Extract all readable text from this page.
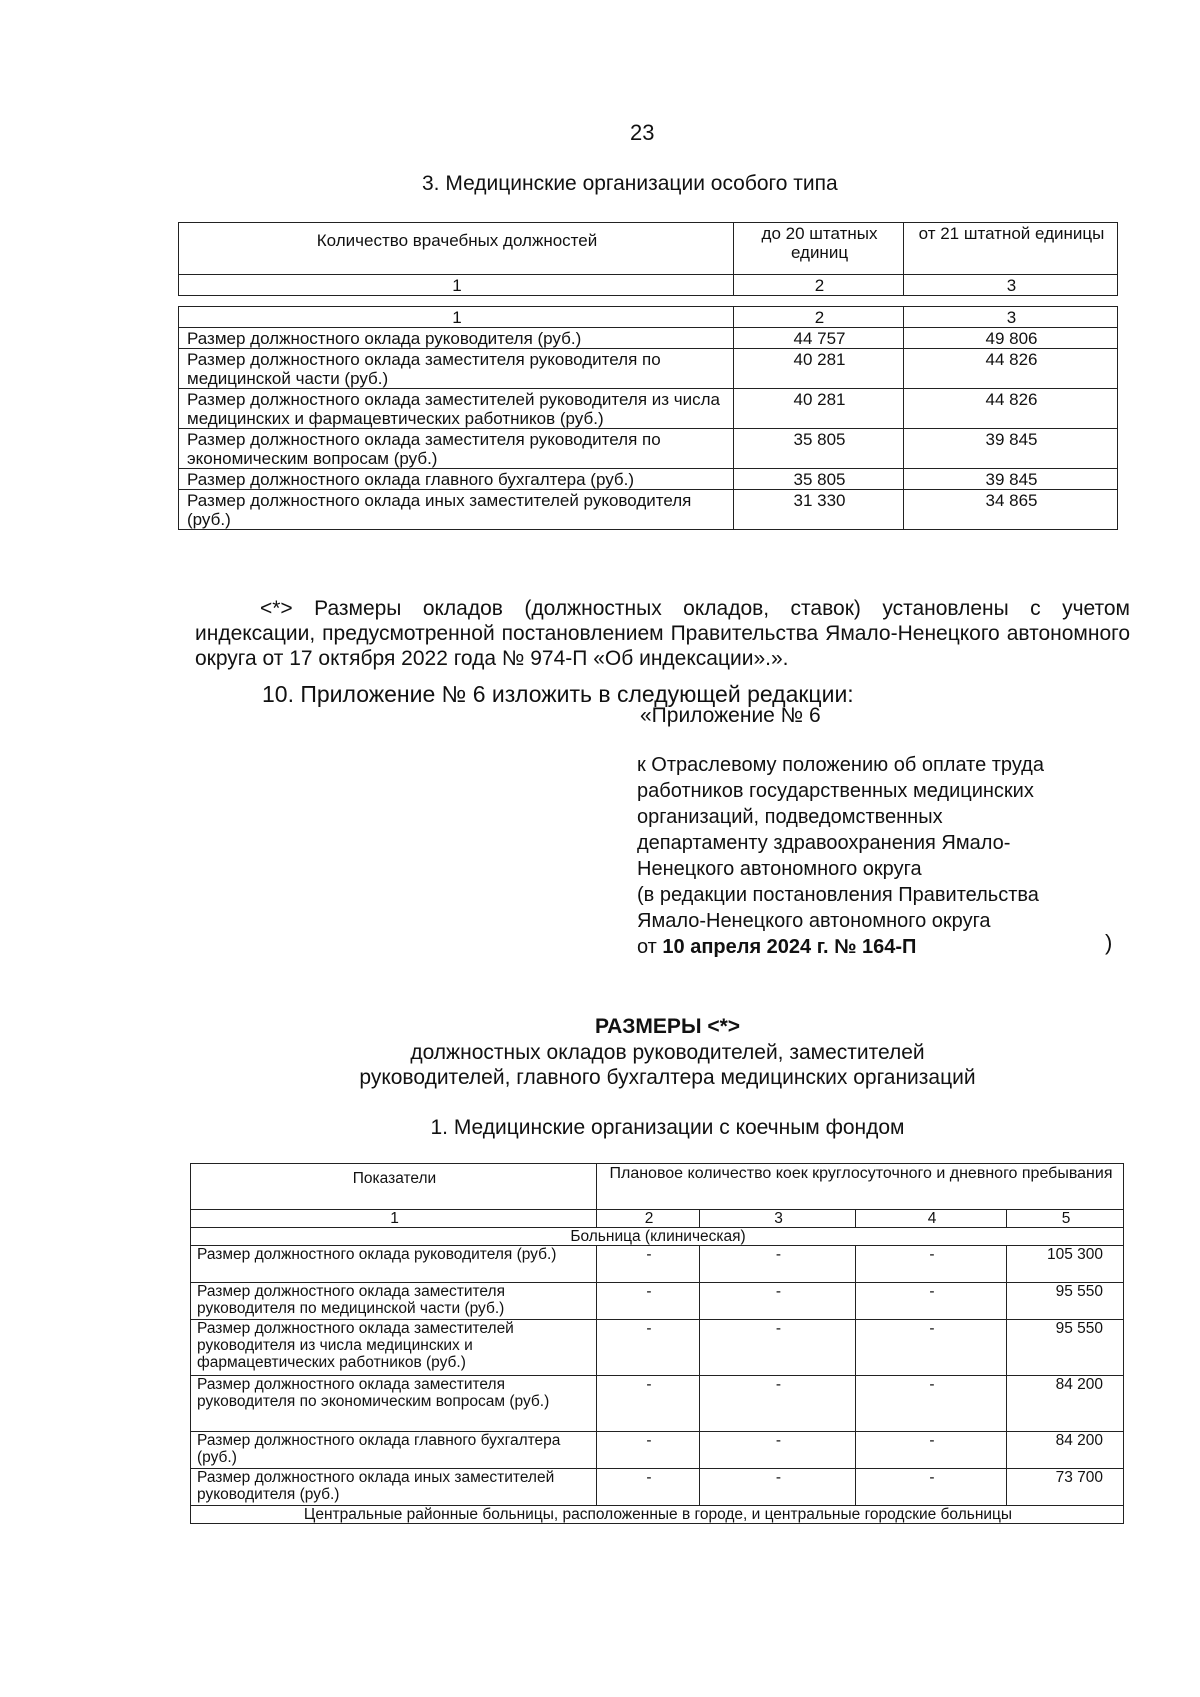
23
3. Медицинские организации особого типа
Количество врачебных должностей	до 20 штатных единиц	от 21 штатной единицы
1	2	3
1	2	3
Размер должностного оклада руководителя (руб.)	44 757	49 806
Размер должностного оклада заместителя руководителя по медицинской части (руб.)	40 281	44 826
Размер должностного оклада заместителей руководителя из числа медицинских и фармацевтических работников (руб.)	40 281	44 826
Размер должностного оклада заместителя руководителя по экономическим вопросам (руб.)	35 805	39 845
Размер должностного оклада главного бухгалтера (руб.)	35 805	39 845
Размер должностного оклада иных заместителей руководителя (руб.)	31 330	34 865
<*> Размеры окладов (должностных окладов, ставок) установлены с учетом индексации, предусмотренной постановлением Правительства Ямало-Ненецкого автономного округа от 17 октября 2022 года № 974-П «Об индексации».».
10. Приложение № 6 изложить в следующей редакции:
«Приложение № 6
к Отраслевому положению об оплате труда
работников государственных медицинских
организаций, подведомственных
департаменту здравоохранения Ямало-
Ненецкого автономного округа
(в редакции постановления Правительства
Ямало-Ненецкого автономного округа
от 10 апреля 2024 г. № 164-П	)
РАЗМЕРЫ <*>
должностных окладов руководителей, заместителей
руководителей, главного бухгалтера медицинских организаций
1. Медицинские организации с коечным фондом
Показатели	Плановое количество коек круглосуточного и дневного пребывания			
1	2	3	4	5
Больница (клиническая)				
Размер должностного оклада руководителя (руб.)	-	-	-	105 300
Размер должностного оклада заместителя руководителя по медицинской части (руб.)	-	-	-	95 550
Размер должностного оклада заместителей руководителя из числа медицинских и фармацевтических работников (руб.)	-	-	-	95 550
Размер должностного оклада заместителя руководителя по экономическим вопросам (руб.)	-	-	-	84 200
Размер должностного оклада главного бухгалтера (руб.)	-	-	-	84 200
Размер должностного оклада иных заместителей руководителя (руб.)	-	-	-	73 700
Центральные районные больницы, расположенные в городе, и центральные городские больницы				
